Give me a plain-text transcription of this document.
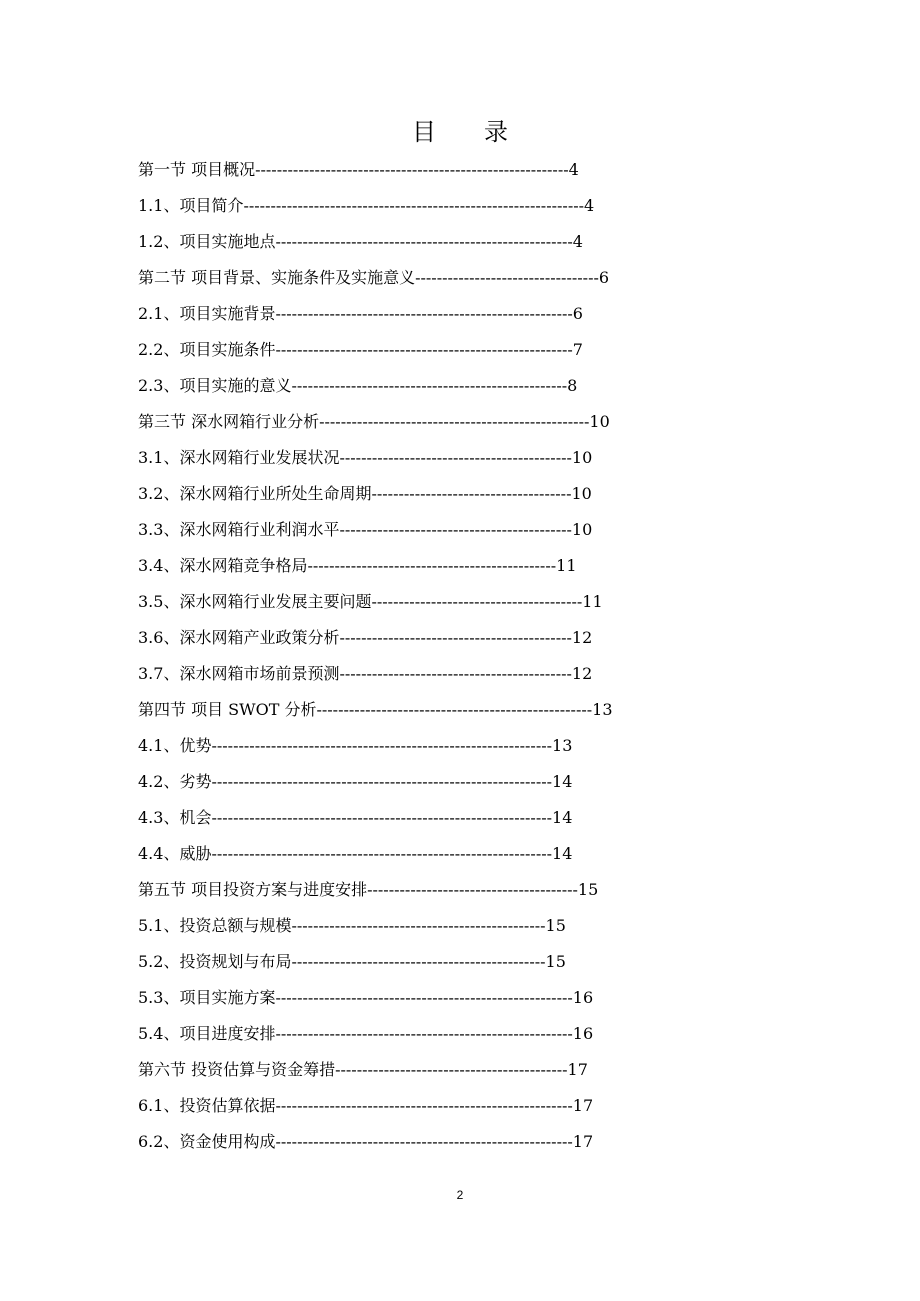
目　　录
第一节 项目概况----------------------------------------------------------4
1.1、项目简介---------------------------------------------------------------4
1.2、项目实施地点-------------------------------------------------------4
第二节 项目背景、实施条件及实施意义----------------------------------6
2.1、项目实施背景-------------------------------------------------------6
2.2、项目实施条件-------------------------------------------------------7
2.3、项目实施的意义---------------------------------------------------8
第三节 深水网箱行业分析--------------------------------------------------10
3.1、深水网箱行业发展状况-------------------------------------------10
3.2、深水网箱行业所处生命周期-------------------------------------10
3.3、深水网箱行业利润水平-------------------------------------------10
3.4、深水网箱竞争格局----------------------------------------------11
3.5、深水网箱行业发展主要问题---------------------------------------11
3.6、深水网箱产业政策分析-------------------------------------------12
3.7、深水网箱市场前景预测-------------------------------------------12
第四节 项目 SWOT 分析---------------------------------------------------13
4.1、优势---------------------------------------------------------------13
4.2、劣势---------------------------------------------------------------14
4.3、机会---------------------------------------------------------------14
4.4、威胁---------------------------------------------------------------14
第五节 项目投资方案与进度安排---------------------------------------15
5.1、投资总额与规模-----------------------------------------------15
5.2、投资规划与布局-----------------------------------------------15
5.3、项目实施方案-------------------------------------------------------16
5.4、项目进度安排-------------------------------------------------------16
第六节 投资估算与资金筹措-------------------------------------------17
6.1、投资估算依据-------------------------------------------------------17
6.2、资金使用构成-------------------------------------------------------17
2
